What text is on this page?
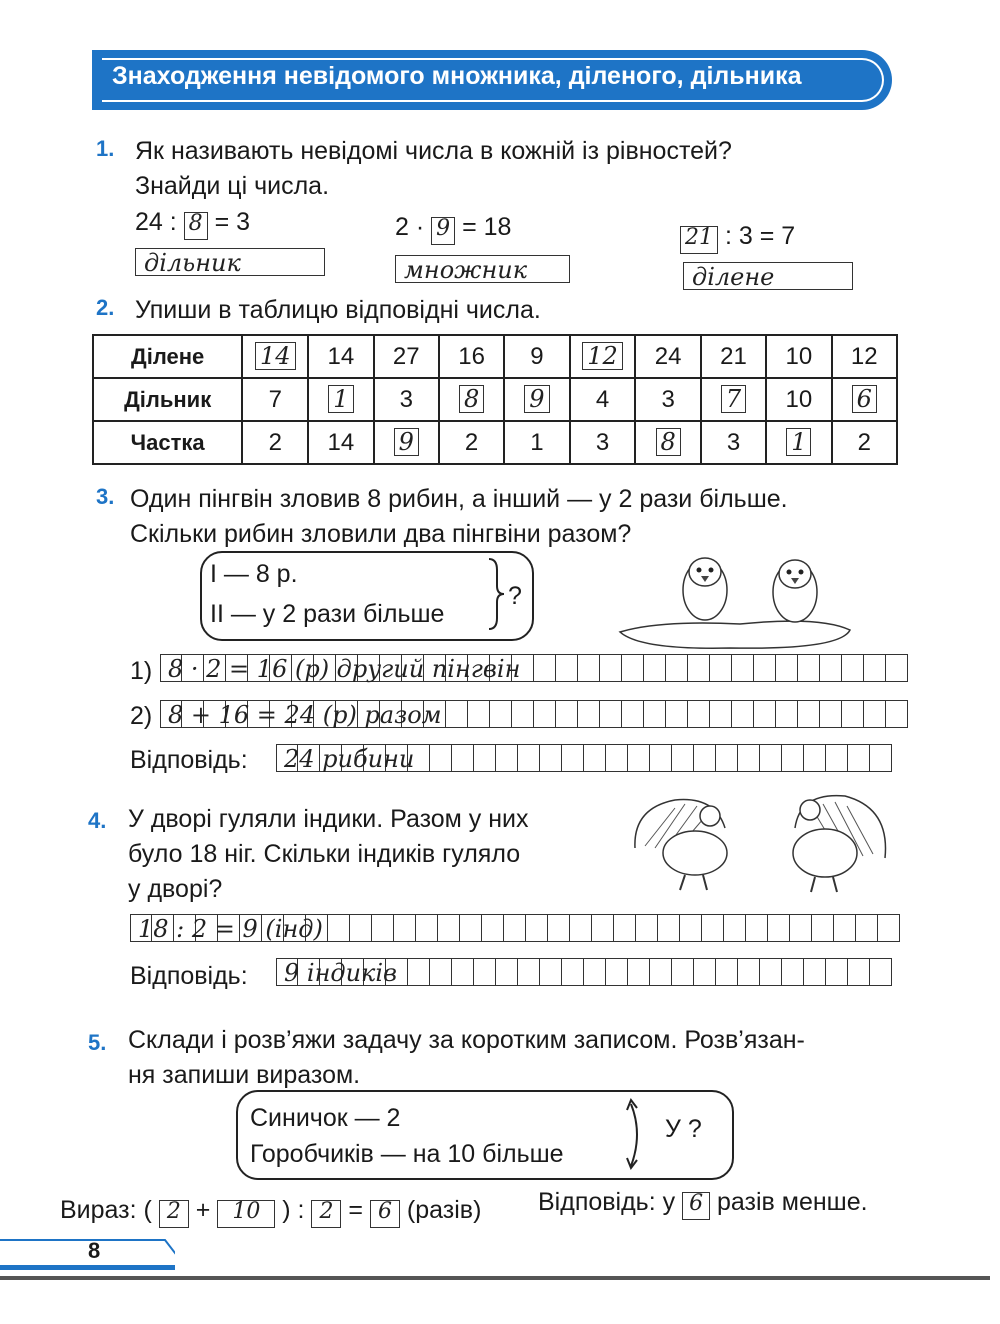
Знаходження невідомого множника, діленого, дільника
1. Як називають невідомі числа в кожній із рівностей?
Знайди ці числа.
24 : 8 = 3
дільник
2 · 9 = 18
множник
21 : 3 = 7
ділене
2. Упиши в таблицю відповідні числа.
Ділене	14	14	27	16	9	12	24	21	10	12
Дільник	7	1	3	8	9	4	3	7	10	6
Частка	2	14	9	2	1	3	8	3	1	2
3. Один пінгвін зловив 8 рибин, а інший — у 2 рази більше.
Скільки рибин зловили два пінгвіни разом?
I — 8 р.
II — у 2 рази більше
?
1) 8 · 2 = 16 (р) другий пінгвін
2) 8 + 16 = 24 (р) разом
Відповідь: 24 рибини
4. У дворі гуляли індики. Разом у них
було 18 ніг. Скільки індиків гуляло
у дворі?
18 : 2 = 9 (інд)
Відповідь: 9 індиків
5. Склади і розв’яжи задачу за коротким записом. Розв’язан-
ня запиши виразом.
Синичок — 2
Горобчиків — на 10 більше
У ?
Вираз: ( 2 + 10 ) : 2 = 6 (разів) Відповідь: у 6 разів менше.
8
